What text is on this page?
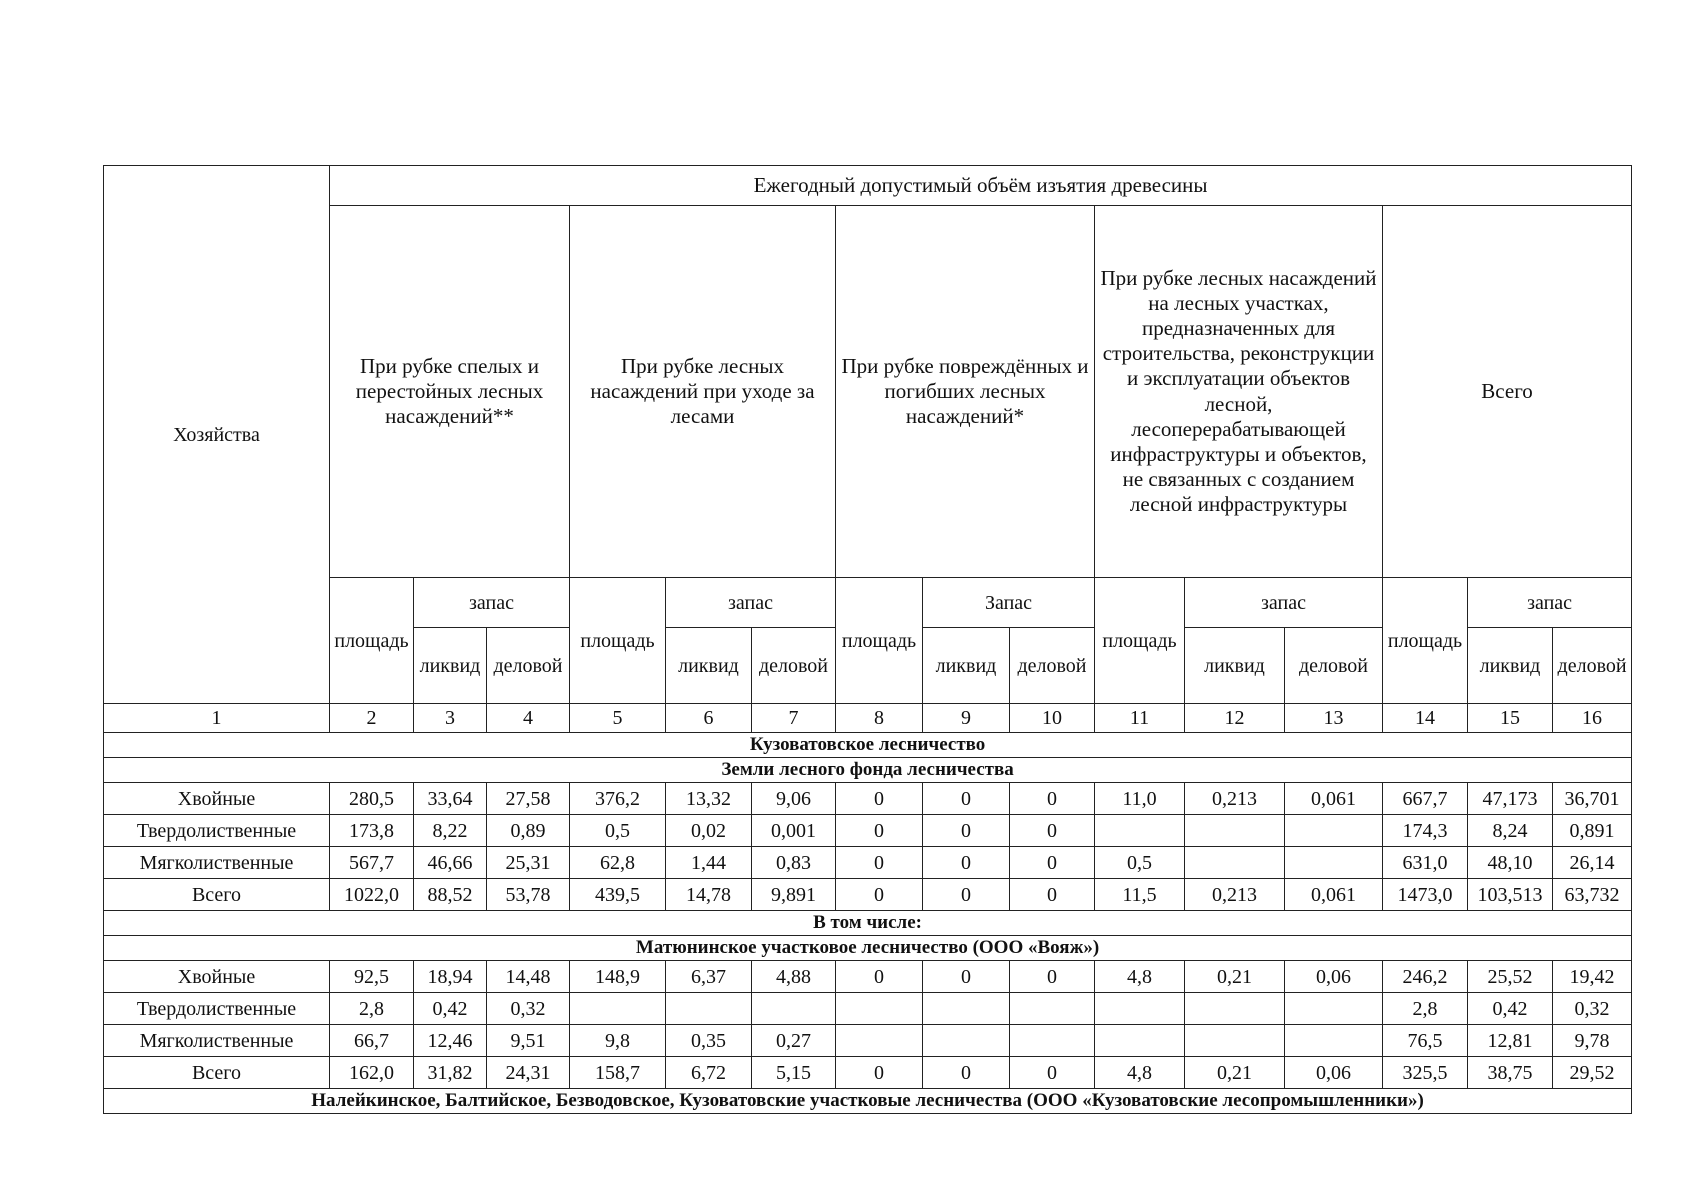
Хозяйства	Ежегодный допустимый объём изъятия древесины														
	При рубке спелых и перестойных лесных насаждений**			При рубке лесных насаждений при уходе за лесами			При рубке повреждённых и погибших лесных насаждений*			При рубке лесных насаждений на лесных участках, предназначенных для строительства, реконструкции и эксплуатации объектов лесной, лесоперерабатывающей инфраструктуры и объектов, не связанных с созданием лесной инфраструктуры			Всего		
	площадь	запас		площадь	запас		площадь	Запас		площадь	запас		площадь	запас	
		ликвид	деловой		ликвид	деловой		ликвид	деловой		ликвид	деловой		ликвид	деловой
1	2	3	4	5	6	7	8	9	10	11	12	13	14	15	16
Кузоватовское лесничество															
Земли лесного фонда лесничества															
Хвойные	280,5	33,64	27,58	376,2	13,32	9,06	0	0	0	11,0	0,213	0,061	667,7	47,173	36,701
Твердолиственные	173,8	8,22	0,89	0,5	0,02	0,001	0	0	0				174,3	8,24	0,891
Мягколиственные	567,7	46,66	25,31	62,8	1,44	0,83	0	0	0	0,5			631,0	48,10	26,14
Всего	1022,0	88,52	53,78	439,5	14,78	9,891	0	0	0	11,5	0,213	0,061	1473,0	103,513	63,732
В том числе:															
Матюнинское участковое лесничество (ООО «Вояж»)															
Хвойные	92,5	18,94	14,48	148,9	6,37	4,88	0	0	0	4,8	0,21	0,06	246,2	25,52	19,42
Твердолиственные	2,8	0,42	0,32										2,8	0,42	0,32
Мягколиственные	66,7	12,46	9,51	9,8	0,35	0,27							76,5	12,81	9,78
Всего	162,0	31,82	24,31	158,7	6,72	5,15	0	0	0	4,8	0,21	0,06	325,5	38,75	29,52
Налейкинское, Балтийское, Безводовское, Кузоватовские участковые лесничества (ООО «Кузоватовские лесопромышленники»)															
